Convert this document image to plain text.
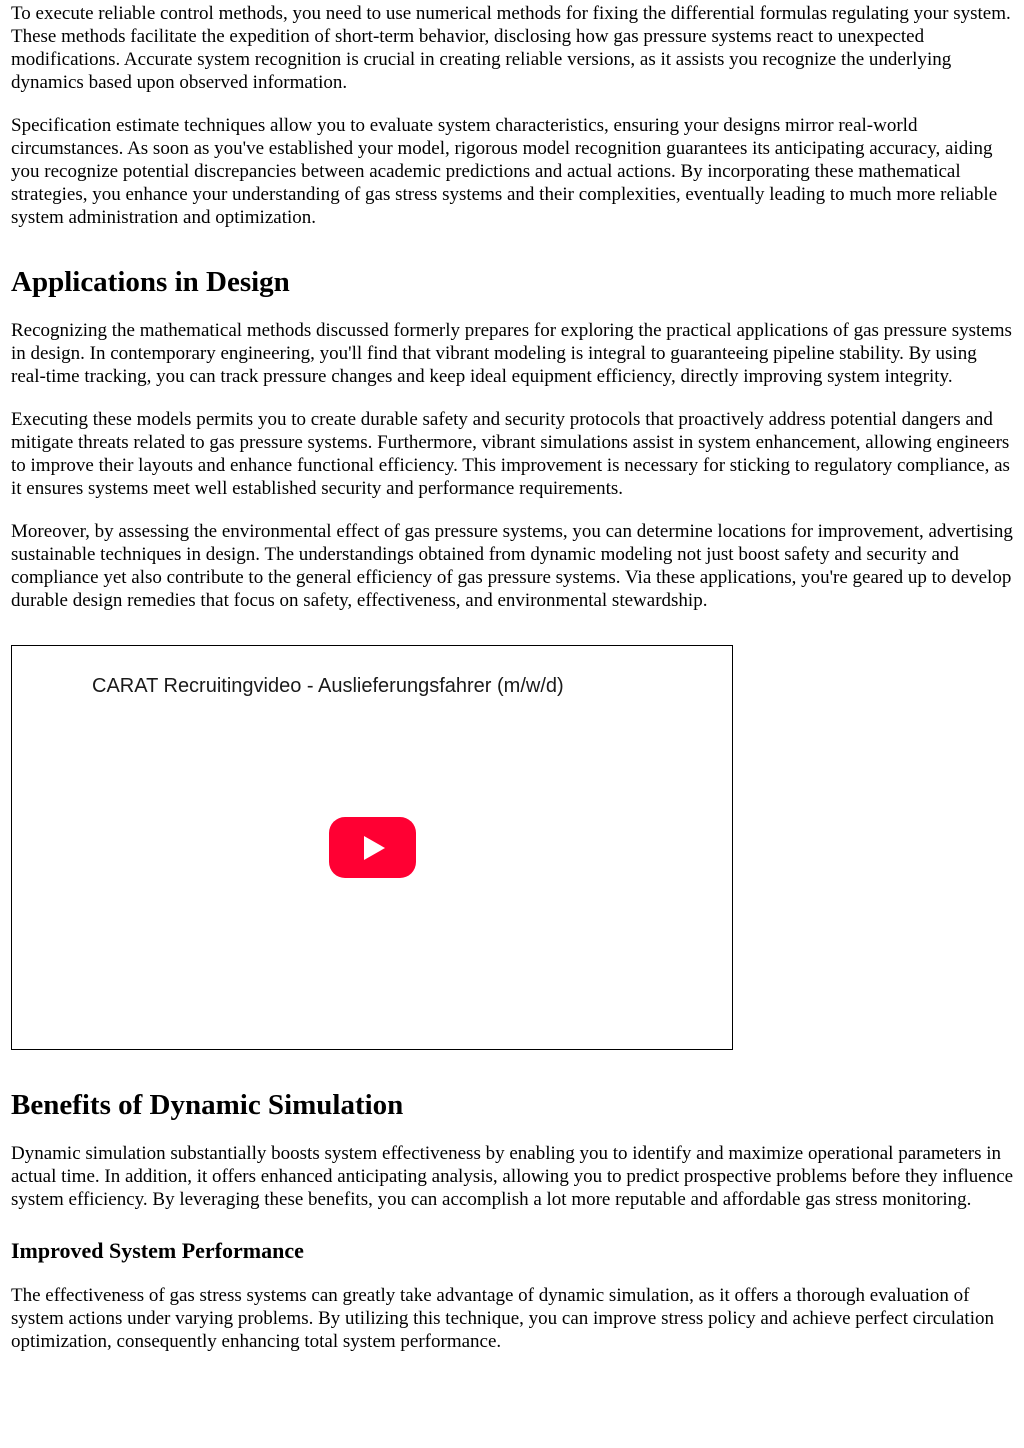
To execute reliable control methods, you need to use numerical methods for fixing the differential formulas regulating your system. These methods facilitate the expedition of short-term behavior, disclosing how gas pressure systems react to unexpected modifications. Accurate system recognition is crucial in creating reliable versions, as it assists you recognize the underlying dynamics based upon observed information.

Specification estimate techniques allow you to evaluate system characteristics, ensuring your designs mirror real-world circumstances. As soon as you've established your model, rigorous model recognition guarantees its anticipating accuracy, aiding you recognize potential discrepancies between academic predictions and actual actions. By incorporating these mathematical strategies, you enhance your understanding of gas stress systems and their complexities, eventually leading to much more reliable system administration and optimization.

Applications in Design

Recognizing the mathematical methods discussed formerly prepares for exploring the practical applications of gas pressure systems in design. In contemporary engineering, you'll find that vibrant modeling is integral to guaranteeing pipeline stability. By using real-time tracking, you can track pressure changes and keep ideal equipment efficiency, directly improving system integrity.

Executing these models permits you to create durable safety and security protocols that proactively address potential dangers and mitigate threats related to gas pressure systems. Furthermore, vibrant simulations assist in system enhancement, allowing engineers to improve their layouts and enhance functional efficiency. This improvement is necessary for sticking to regulatory compliance, as it ensures systems meet well established security and performance requirements.

Moreover, by assessing the environmental effect of gas pressure systems, you can determine locations for improvement, advertising sustainable techniques in design. The understandings obtained from dynamic modeling not just boost safety and security and compliance yet also contribute to the general efficiency of gas pressure systems. Via these applications, you're geared up to develop durable design remedies that focus on safety, effectiveness, and environmental stewardship.

CARAT Recruitingvideo - Auslieferungsfahrer (m/w/d)
Benefits of Dynamic Simulation

Dynamic simulation substantially boosts system effectiveness by enabling you to identify and maximize operational parameters in actual time. In addition, it offers enhanced anticipating analysis, allowing you to predict prospective problems before they influence system efficiency. By leveraging these benefits, you can accomplish a lot more reputable and affordable gas stress monitoring.

Improved System Performance

The effectiveness of gas stress systems can greatly take advantage of dynamic simulation, as it offers a thorough evaluation of system actions under varying problems. By utilizing this technique, you can improve stress policy and achieve perfect circulation optimization, consequently enhancing total system performance.
